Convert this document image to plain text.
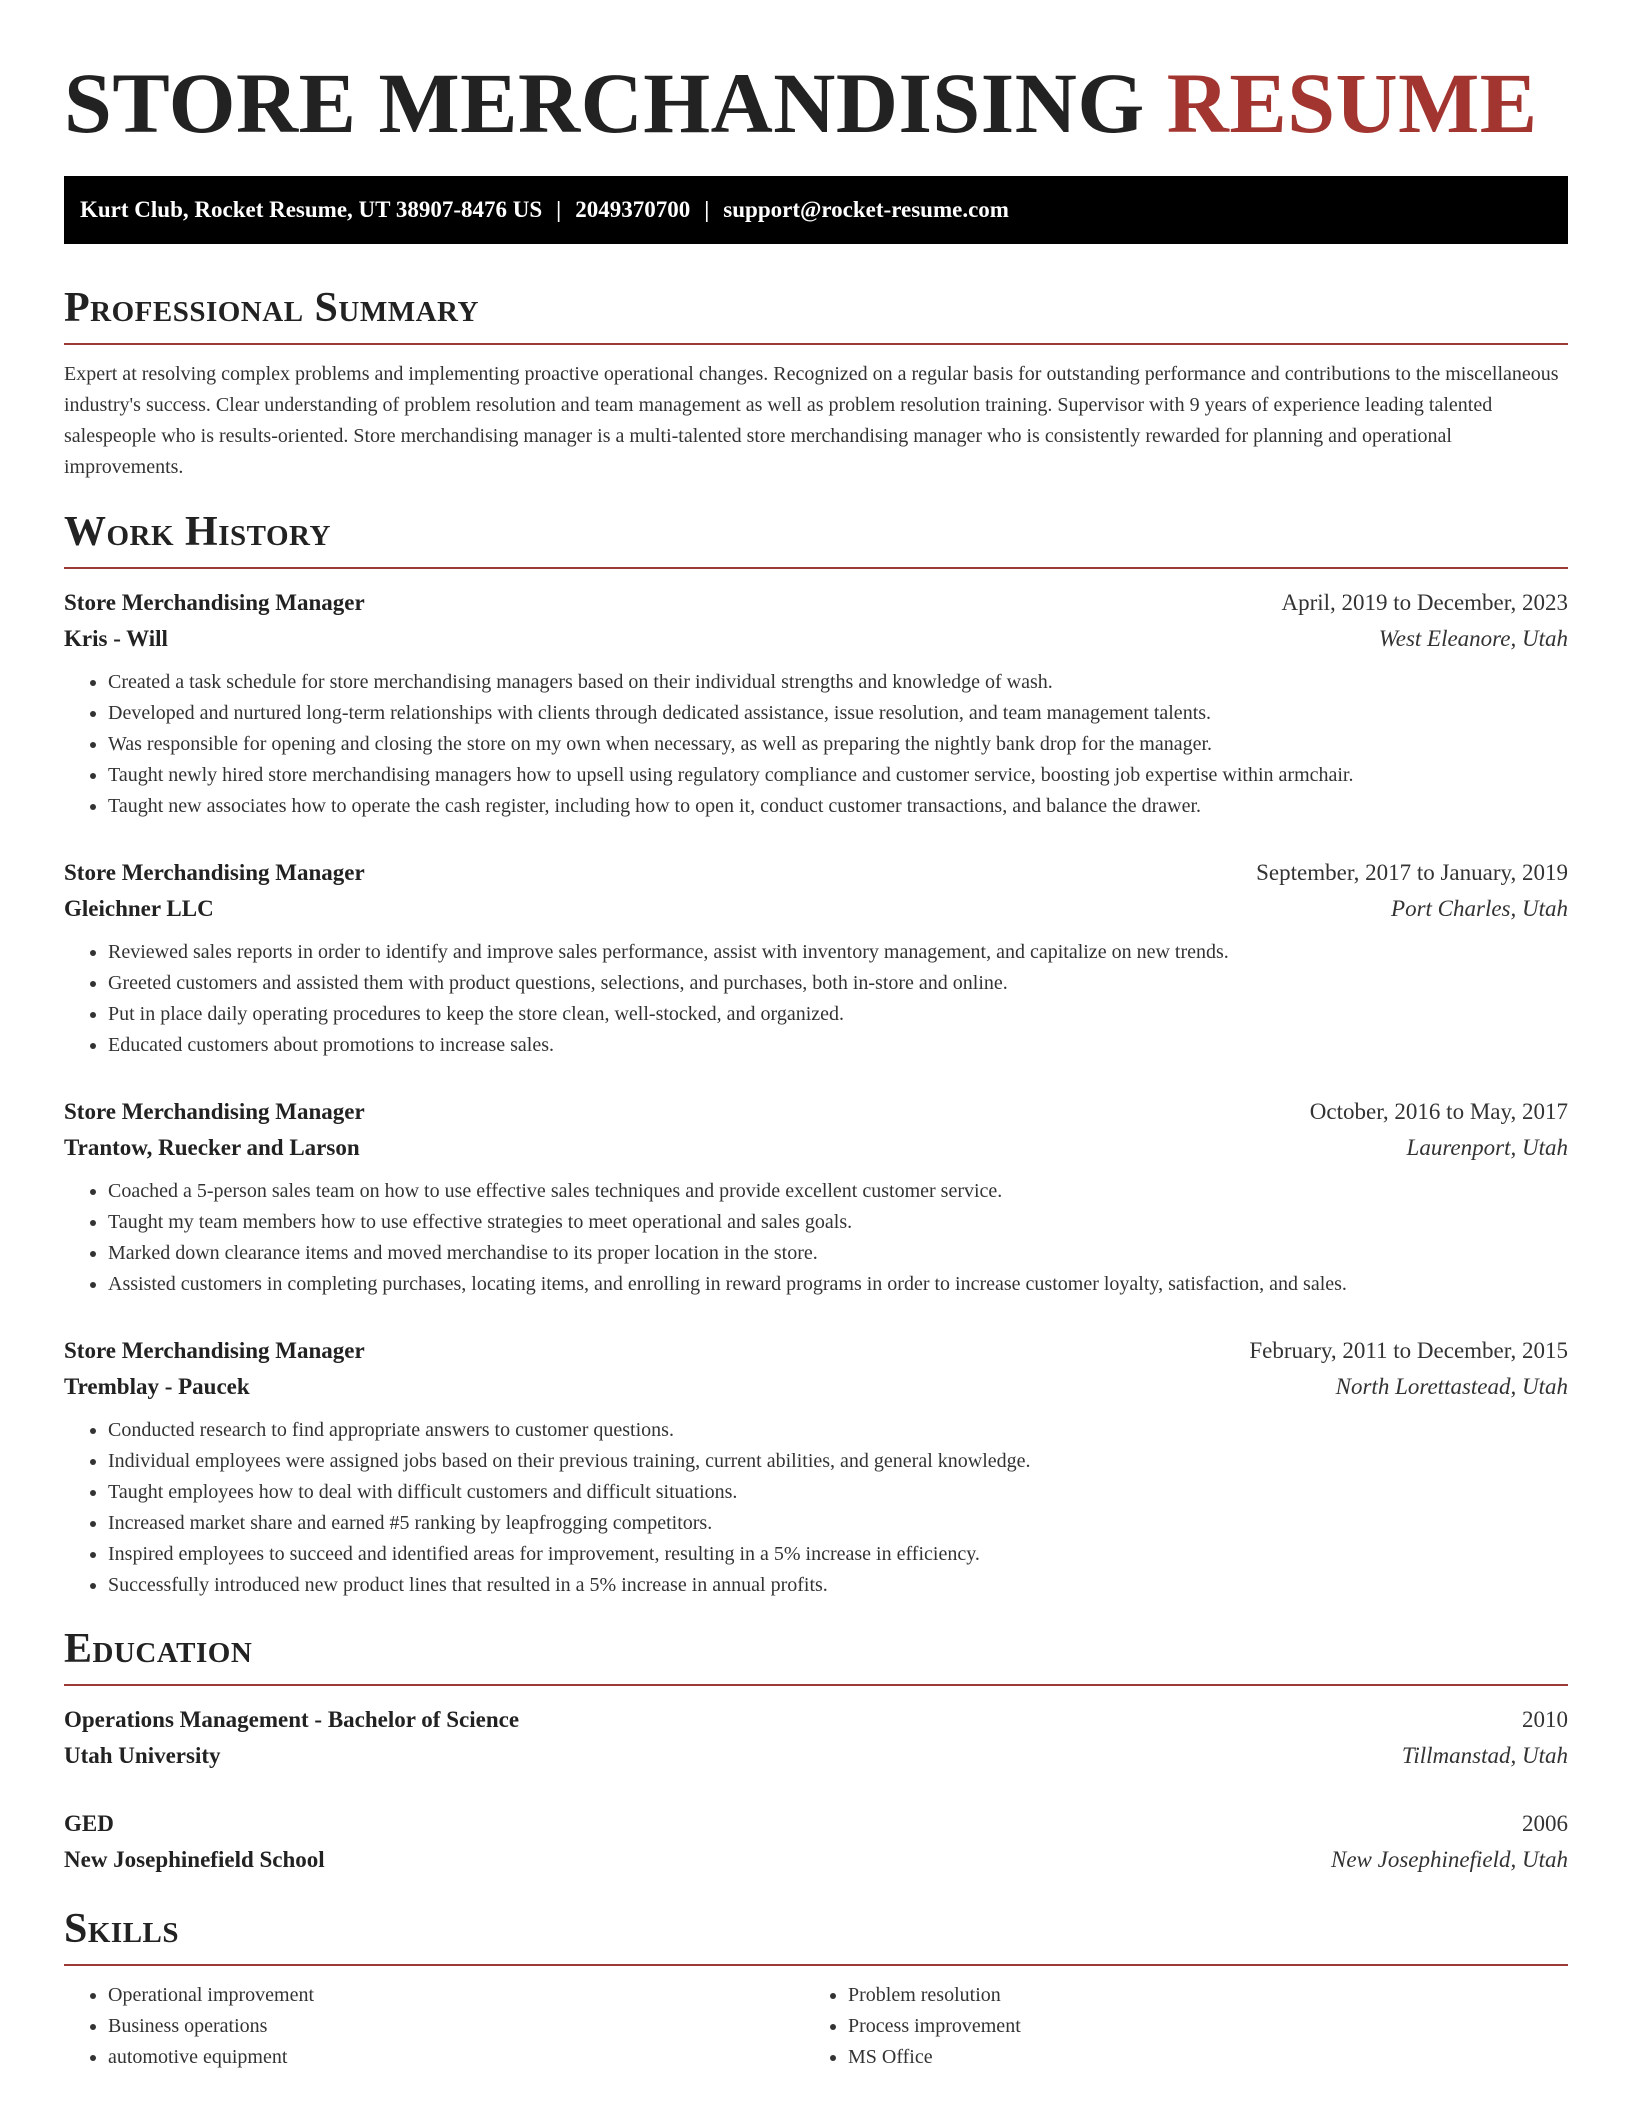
STORE MERCHANDISING RESUME
Kurt Club, Rocket Resume, UT 38907-8476 US | 2049370700 | support@rocket-resume.com
Professional Summary

Expert at resolving complex problems and implementing proactive operational changes. Recognized on a regular basis for outstanding performance and contributions to the miscellaneous industry's success. Clear understanding of problem resolution and team management as well as problem resolution training. Supervisor with 9 years of experience leading talented salespeople who is results-oriented. Store merchandising manager is a multi-talented store merchandising manager who is consistently rewarded for planning and operational improvements.

Work History
Store Merchandising Manager	April, 2019 to December, 2023
Kris - Will	West Eleanore, Utah
• Created a task schedule for store merchandising managers based on their individual strengths and knowledge of wash.
• Developed and nurtured long-term relationships with clients through dedicated assistance, issue resolution, and team management talents.
• Was responsible for opening and closing the store on my own when necessary, as well as preparing the nightly bank drop for the manager.
• Taught newly hired store merchandising managers how to upsell using regulatory compliance and customer service, boosting job expertise within armchair.
• Taught new associates how to operate the cash register, including how to open it, conduct customer transactions, and balance the drawer.
Store Merchandising Manager	September, 2017 to January, 2019
Gleichner LLC	Port Charles, Utah
• Reviewed sales reports in order to identify and improve sales performance, assist with inventory management, and capitalize on new trends.
• Greeted customers and assisted them with product questions, selections, and purchases, both in-store and online.
• Put in place daily operating procedures to keep the store clean, well-stocked, and organized.
• Educated customers about promotions to increase sales.
Store Merchandising Manager	October, 2016 to May, 2017
Trantow, Ruecker and Larson	Laurenport, Utah
• Coached a 5-person sales team on how to use effective sales techniques and provide excellent customer service.
• Taught my team members how to use effective strategies to meet operational and sales goals.
• Marked down clearance items and moved merchandise to its proper location in the store.
• Assisted customers in completing purchases, locating items, and enrolling in reward programs in order to increase customer loyalty, satisfaction, and sales.
Store Merchandising Manager	February, 2011 to December, 2015
Tremblay - Paucek	North Lorettastead, Utah
• Conducted research to find appropriate answers to customer questions.
• Individual employees were assigned jobs based on their previous training, current abilities, and general knowledge.
• Taught employees how to deal with difficult customers and difficult situations.
• Increased market share and earned #5 ranking by leapfrogging competitors.
• Inspired employees to succeed and identified areas for improvement, resulting in a 5% increase in efficiency.
• Successfully introduced new product lines that resulted in a 5% increase in annual profits.
Education
Operations Management - Bachelor of Science	2010
Utah University	Tillmanstad, Utah
GED	2006
New Josephinefield School	New Josephinefield, Utah
Skills
• Operational improvement
• Business operations
• automotive equipment
• Problem resolution
• Process improvement
• MS Office
